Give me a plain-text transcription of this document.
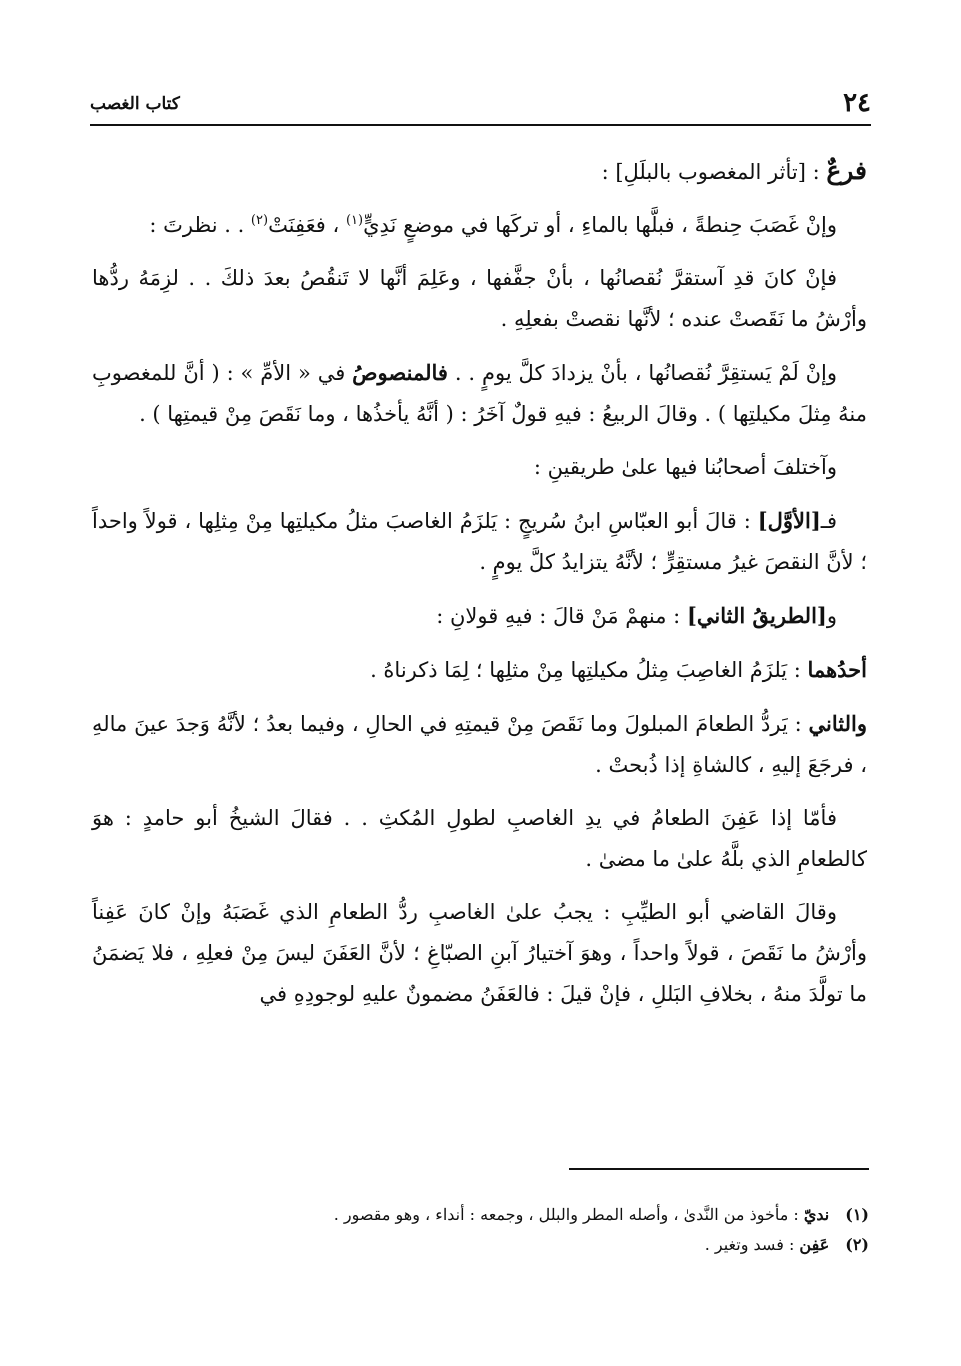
٢٤
كتاب الغصب

فرعٌ : [تأثر المغصوب بالبلَلِ] :

وإنْ غَصَبَ حِنطةً ، فبلَّها بالماءِ ، أو تركَها في موضعٍ نَدِيٍّ$^{(١)}$ ، فعَفِنَتْ$^{(٢)}$ . . نظرتَ :

فإنْ كانَ قدِ آستقرَّ نُقصانُها ، بأنْ جفَّفها ، وعَلِمَ أنَّها لا تَنقُصُ بعدَ ذلكَ . . لزِمَهُ ردُّها وأرْشُ ما نَقَصتْ عنده ؛ لأنَّها نقصتْ بفعلِهِ .

وإنْ لَمْ يَستقِرَّ نُقصانُها ، بأنْ يزدادَ كلَّ يومٍ . . فالمنصوصُ في « الأمِّ » : ( أنَّ للمغصوبِ منهُ مِثلَ مكيلتِها ) . وقالَ الربيعُ : فيهِ قولٌ آخَرُ : ( أنَّهُ يأخذُها ، وما نَقَصَ مِنْ قيمتِها ) .

وآختلفَ أصحابُنا فيها علىٰ طريقينِ :

فـ[الأوَّل] : قالَ أبو العبّاسِ ابنُ سُريجٍ : يَلزَمُ الغاصبَ مثلُ مكيلتِها مِنْ مِثلِها ، قولاً واحداً ؛ لأنَّ النقصَ غيرُ مستقِرٍّ ؛ لأنَّهُ يتزايدُ كلَّ يومٍ .

و[الطريقُ الثاني] : منهمْ مَنْ قالَ : فيهِ قولانِ :

أحدُهما : يَلزَمُ الغاصِبَ مِثلُ مكيلتِها مِنْ مثلِها ؛ لِمَا ذكرناهُ .

والثاني : يَردُّ الطعامَ المبلولَ وما نَقَصَ مِنْ قيمتِهِ في الحالِ ، وفيما بعدُ ؛ لأنَّهُ وَجدَ عينَ مالهِ ، فرجَعَ إليهِ ، كالشاةِ إذا ذُبحتْ .

فأمّا إذا عَفِنَ الطعامُ في يدِ الغاصبِ لطولِ المُكثِ . . فقالَ الشيخُ أبو حامدٍ : هوَ كالطعامِ الذي بلَّهُ علىٰ ما مضىٰ .

وقالَ القاضي أبو الطيِّبِ : يجبُ علىٰ الغاصبِ ردُّ الطعامِ الذي غَصَبَهُ وإنْ كانَ عَفِناً وأرْشُ ما نَقَصَ ، قولاً واحداً ، وهوَ آختيارُ آبنِ الصبّاغِ ؛ لأنَّ العَفَنَ ليسَ مِنْ فعلِهِ ، فلا يَضمَنُ ما تولَّدَ منهُ ، بخلافِ البَللِ ، فإنْ قيلَ : فالعَفَنُ مضمونٌ عليهِ لوجودِهِ في

(١)نديّ : مأخوذ من النَّدىٰ ، وأصله المطر والبلل ، وجمعه : أنداء ، وهو مقصور .
(٢)عَفِن : فسد وتغير .
